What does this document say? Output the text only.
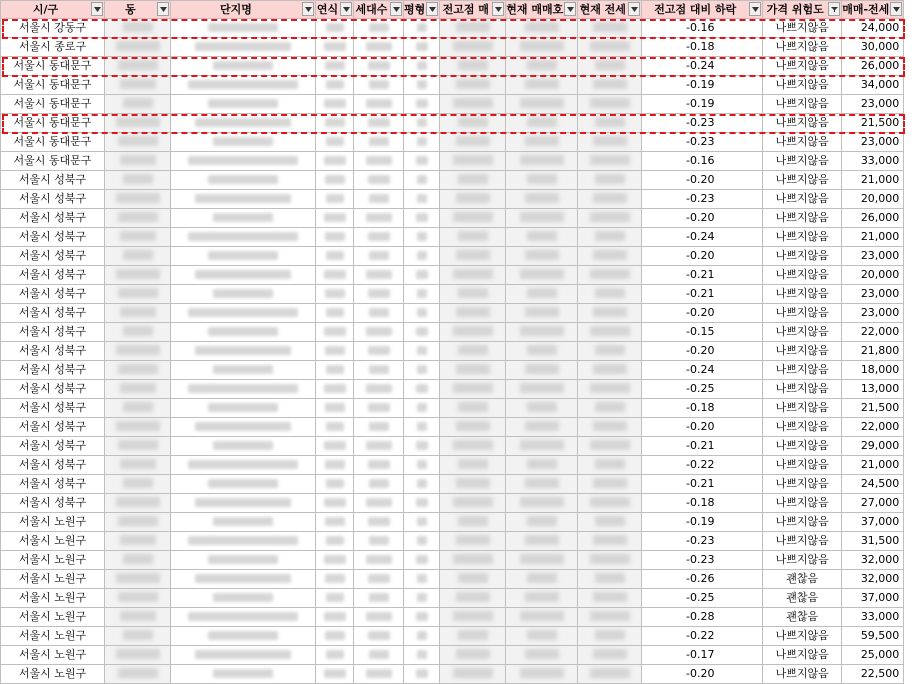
시/구	동	단지명	연식	세대수	평형	전고점 매	현재 매매호	현재 전세	전고점 대비 하락	가격 위험도	매매-전세

서울시 강동구									-0.16	나쁘지않음	24,000
서울시 종로구									-0.18	나쁘지않음	30,000
서울시 동대문구									-0.24	나쁘지않음	26,000
서울시 동대문구									-0.19	나쁘지않음	34,000
서울시 동대문구									-0.19	나쁘지않음	23,000
서울시 동대문구									-0.23	나쁘지않음	21,500
서울시 동대문구									-0.23	나쁘지않음	23,000
서울시 동대문구									-0.16	나쁘지않음	33,000
서울시 성북구									-0.20	나쁘지않음	21,000
서울시 성북구									-0.23	나쁘지않음	20,000
서울시 성북구									-0.20	나쁘지않음	26,000
서울시 성북구									-0.24	나쁘지않음	21,000
서울시 성북구									-0.20	나쁘지않음	23,000
서울시 성북구									-0.21	나쁘지않음	20,000
서울시 성북구									-0.21	나쁘지않음	23,000
서울시 성북구									-0.20	나쁘지않음	23,000
서울시 성북구									-0.15	나쁘지않음	22,000
서울시 성북구									-0.20	나쁘지않음	21,800
서울시 성북구									-0.24	나쁘지않음	18,000
서울시 성북구									-0.25	나쁘지않음	13,000
서울시 성북구									-0.18	나쁘지않음	21,500
서울시 성북구									-0.20	나쁘지않음	22,000
서울시 성북구									-0.21	나쁘지않음	29,000
서울시 성북구									-0.22	나쁘지않음	21,000
서울시 성북구									-0.21	나쁘지않음	24,500
서울시 성북구									-0.18	나쁘지않음	27,000
서울시 노원구									-0.19	나쁘지않음	37,000
서울시 노원구									-0.23	나쁘지않음	31,500
서울시 노원구									-0.23	나쁘지않음	32,000
서울시 노원구									-0.26	괜찮음	32,000
서울시 노원구									-0.25	괜찮음	37,000
서울시 노원구									-0.28	괜찮음	33,000
서울시 노원구									-0.22	나쁘지않음	59,500
서울시 노원구									-0.17	나쁘지않음	25,000
서울시 노원구									-0.20	나쁘지않음	22,500
